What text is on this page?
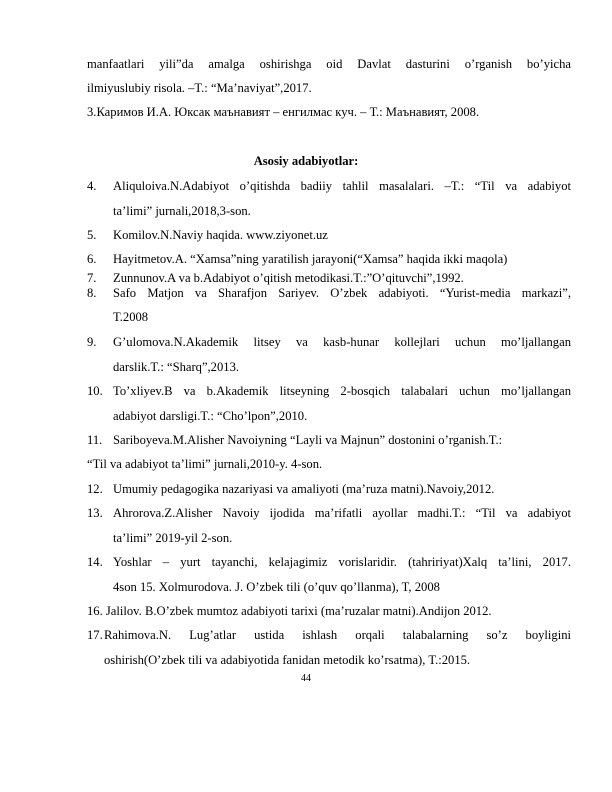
manfaatlari yili”da amalga oshirishga oid Davlat dasturini o’rganish bo’yicha
ilmiyuslubiy risola. –T.: “Ma’naviyat”,2017.
3.Каримов И.А. Юксак маънавият – енгилмас куч. – Т.: Маънавият, 2008.
Asosiy adabiyotlar:
4.	Aliquloiva.N.Adabiyot o’qitishda badiiy tahlil masalalari. –T.: “Til va adabiyot
ta’limi” jurnali,2018,3-son.
5.	Komilov.N.Naviy haqida. www.ziyonet.uz
6.	Hayitmetov.A. “Xamsa”ning yaratilish jarayoni(“Xamsa” haqida ikki maqola)
7.	Zunnunov.A va b.Adabiyot o’qitish metodikasi.T.:”O’qituvchi”,1992.
8.	Safo Matjon va Sharafjon Sariyev. O’zbek adabiyoti. “Yurist-media markazi”,
T.2008
9.	G’ulomova.N.Akademik litsey va kasb-hunar kollejlari uchun mo’ljallangan
darslik.T.: “Sharq”,2013.
10. To’xliyev.B va b.Akademik litseyning 2-bosqich talabalari uchun mo’ljallangan
adabiyot darsligi.T.: “Cho’lpon”,2010.
11. Sariboyeva.M.Alisher Navoiyning “Layli va Majnun” dostonini o’rganish.T.:
“Til va adabiyot ta’limi” jurnali,2010-y. 4-son.
12. Umumiy pedagogika nazariyasi va amaliyoti (ma’ruza matni).Navoiy,2012.
13. Ahrorova.Z.Alisher Navoiy ijodida ma’rifatli ayollar madhi.T.: “Til va adabiyot
ta’limi” 2019-yil 2-son.
14. Yoshlar – yurt tayanchi, kelajagimiz vorislaridir. (tahririyat)Xalq ta’lini, 2017.
4son 15. Xolmurodova. J. O’zbek tili (o’quv qo’llanma), T, 2008
16. Jalilov. B.O’zbek mumtoz adabiyoti tarixi (ma’ruzalar matni).Andijon 2012.
17. Rahimova.N. Lug’atlar ustida ishlash orqali talabalarning so’z boyligini
oshirish(O’zbek tili va adabiyotida fanidan metodik ko’rsatma), T.:2015.
44
